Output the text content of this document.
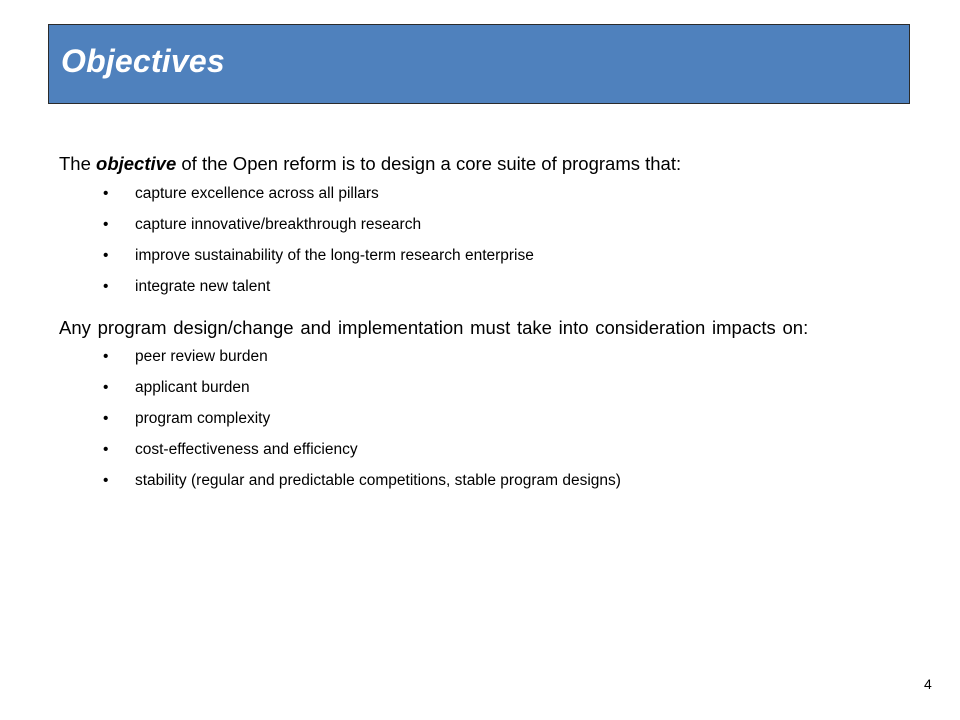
Objectives

The objective of the Open reform is to design a core suite of programs that:

• capture excellence across all pillars
• capture innovative/breakthrough research
• improve sustainability of the long-term research enterprise
• integrate new talent

Any program design/change and implementation must take into consideration impacts on:

• peer review burden
• applicant burden
• program complexity
• cost-effectiveness and efficiency
• stability (regular and predictable competitions, stable program designs)
4
